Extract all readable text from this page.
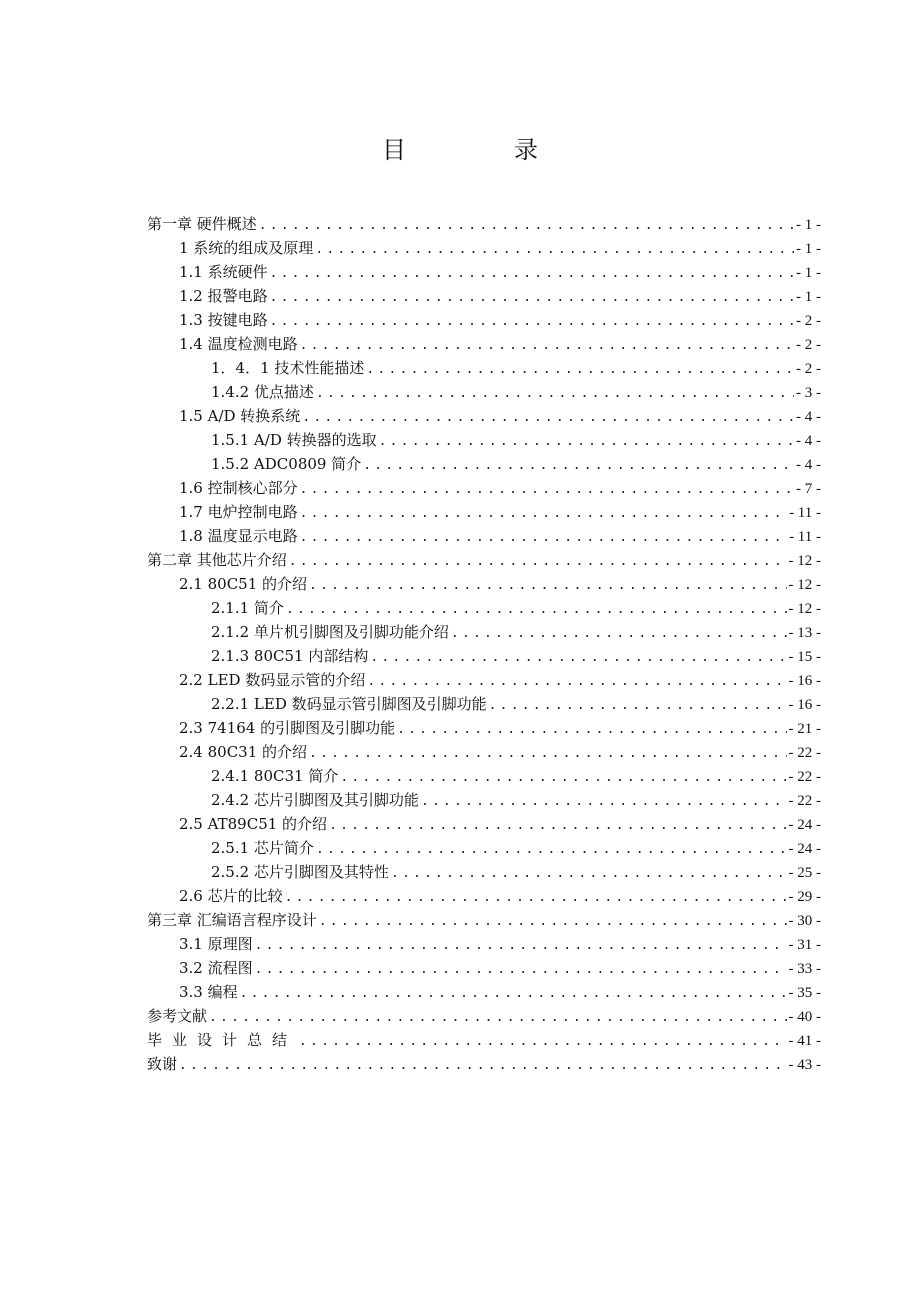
目　录
第一章 硬件概述 .....	- 1 -
1 系统的组成及原理 .....	- 1 -
1.1 系统硬件 .....	- 1 -
1.2 报警电路 .....	- 1 -
1.3 按键电路 .....	- 2 -
1.4 温度检测电路 .....	- 2 -
1．4．1 技术性能描述 .....	- 2 -
1.4.2 优点描述 .....	- 3 -
1.5 A/D 转换系统 .....	- 4 -
1.5.1 A/D 转换器的选取 .....	- 4 -
1.5.2 ADC0809 简介 .....	- 4 -
1.6 控制核心部分 .....	- 7 -
1.7 电炉控制电路 .....	- 11 -
1.8 温度显示电路 .....	- 11 -
第二章 其他芯片介绍 .....	- 12 -
2.1 80C51 的介绍 .....	- 12 -
2.1.1 简介 .....	- 12 -
2.1.2 单片机引脚图及引脚功能介绍 .....	- 13 -
2.1.3 80C51 内部结构 .....	- 15 -
2.2 LED 数码显示管的介绍 .....	- 16 -
2.2.1 LED 数码显示管引脚图及引脚功能 .....	- 16 -
2.3 74164 的引脚图及引脚功能 .....	- 21 -
2.4 80C31 的介绍 .....	- 22 -
2.4.1 80C31 简介 .....	- 22 -
2.4.2 芯片引脚图及其引脚功能 .....	- 22 -
2.5 AT89C51 的介绍 .....	- 24 -
2.5.1 芯片简介 .....	- 24 -
2.5.2 芯片引脚图及其特性 .....	- 25 -
2.6 芯片的比较 .....	- 29 -
第三章 汇编语言程序设计 .....	- 30 -
3.1 原理图 .....	- 31 -
3.2 流程图 .....	- 33 -
3.3 编程 .....	- 35 -
参考文献 .....	- 40 -
毕业设计总结 .....	- 41 -
致谢 .....	- 43 -
